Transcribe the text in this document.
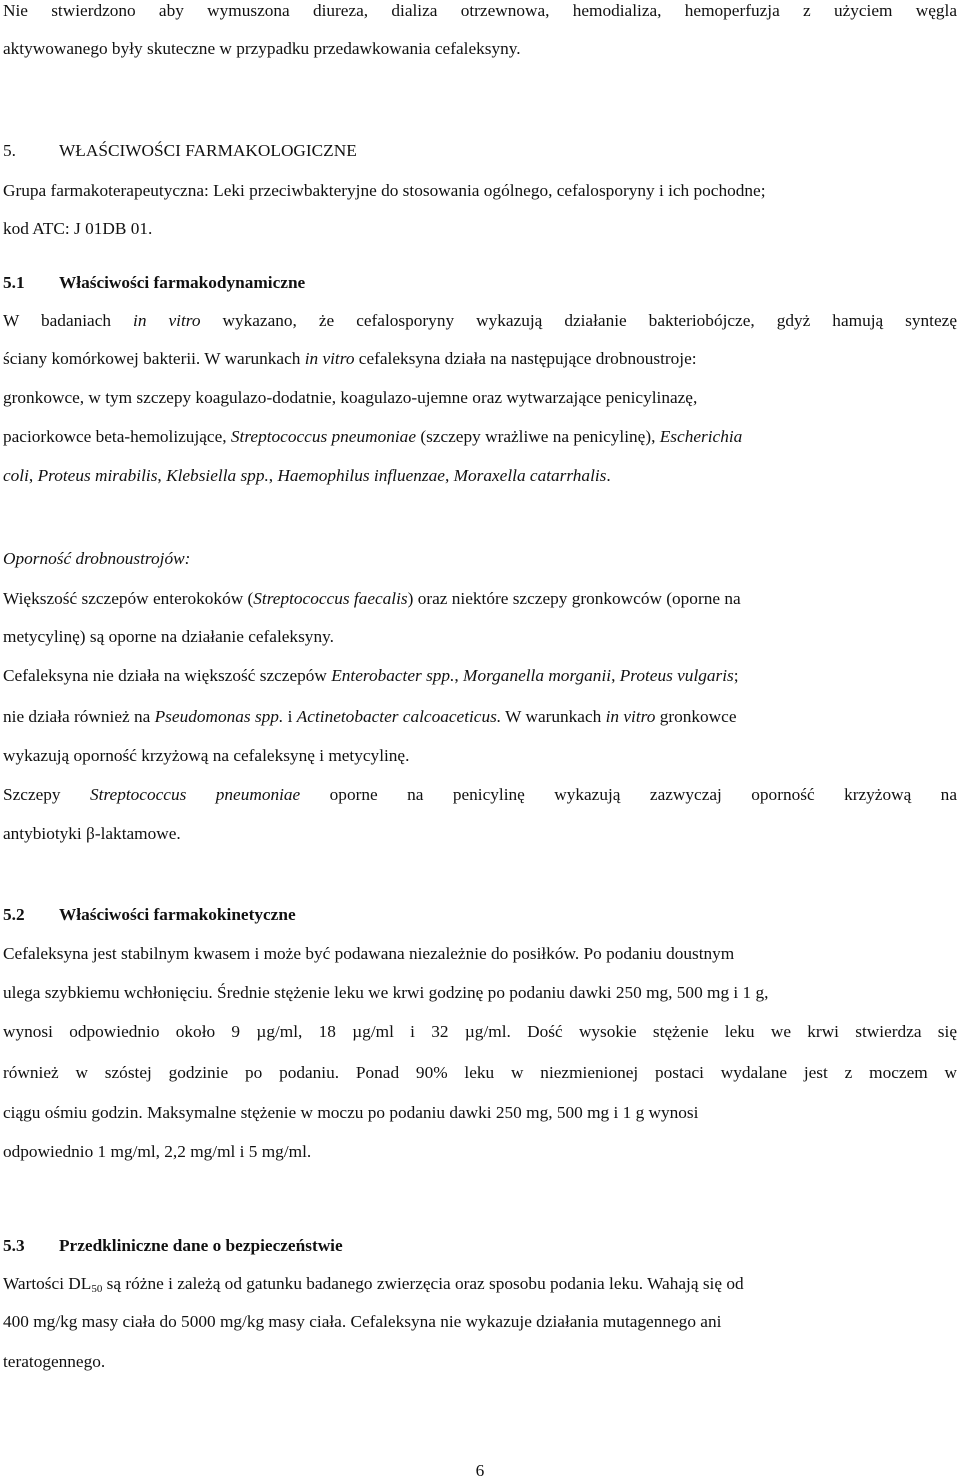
Nie stwierdzono aby wymuszona diureza, dializa otrzewnowa, hemodializa, hemoperfuzja z użyciem węgla
aktywowanego były skuteczne w przypadku przedawkowania cefaleksyny.
5. WŁAŚCIWOŚCI FARMAKOLOGICZNE
Grupa farmakoterapeutyczna: Leki przeciwbakteryjne do stosowania ogólnego, cefalosporyny i ich pochodne;
kod ATC: J 01DB 01.
5.1 Właściwości farmakodynamiczne
W badaniach in vitro wykazano, że cefalosporyny wykazują działanie bakteriobójcze, gdyż hamują syntezę
ściany komórkowej bakterii. W warunkach in vitro cefaleksyna działa na następujące drobnoustroje:
gronkowce, w tym szczepy koagulazo-dodatnie, koagulazo-ujemne oraz wytwarzające penicylinazę,
paciorkowce beta-hemolizujące, Streptococcus pneumoniae (szczepy wrażliwe na penicylinę), Escherichia
coli, Proteus mirabilis, Klebsiella spp., Haemophilus influenzae, Moraxella catarrhalis.
Oporność drobnoustrojów:
Większość szczepów enterokoków (Streptococcus faecalis) oraz niektóre szczepy gronkowców (oporne na
metycylinę) są oporne na działanie cefaleksyny.
Cefaleksyna nie działa na większość szczepów Enterobacter spp., Morganella morganii, Proteus vulgaris;
nie działa również na Pseudomonas spp. i Actinetobacter calcoaceticus. W warunkach in vitro gronkowce
wykazują oporność krzyżową na cefaleksynę i metycylinę.
Szczepy Streptococcus pneumoniae oporne na penicylinę wykazują zazwyczaj oporność krzyżową na
antybiotyki β-laktamowe.
5.2 Właściwości farmakokinetyczne
Cefaleksyna jest stabilnym kwasem i może być podawana niezależnie do posiłków. Po podaniu doustnym
ulega szybkiemu wchłonięciu. Średnie stężenie leku we krwi godzinę po podaniu dawki 250 mg, 500 mg i 1 g,
wynosi odpowiednio około 9 µg/ml, 18 µg/ml i 32 µg/ml. Dość wysokie stężenie leku we krwi stwierdza się
również w szóstej godzinie po podaniu. Ponad 90% leku w niezmienionej postaci wydalane jest z moczem w
ciągu ośmiu godzin. Maksymalne stężenie w moczu po podaniu dawki 250 mg, 500 mg i 1 g wynosi
odpowiednio 1 mg/ml, 2,2 mg/ml i 5 mg/ml.
5.3 Przedkliniczne dane o bezpieczeństwie
Wartości $DL_{50}$ są różne i zależą od gatunku badanego zwierzęcia oraz sposobu podania leku. Wahają się od
400 mg/kg masy ciała do 5000 mg/kg masy ciała. Cefaleksyna nie wykazuje działania mutagennego ani
teratogennego.
6
